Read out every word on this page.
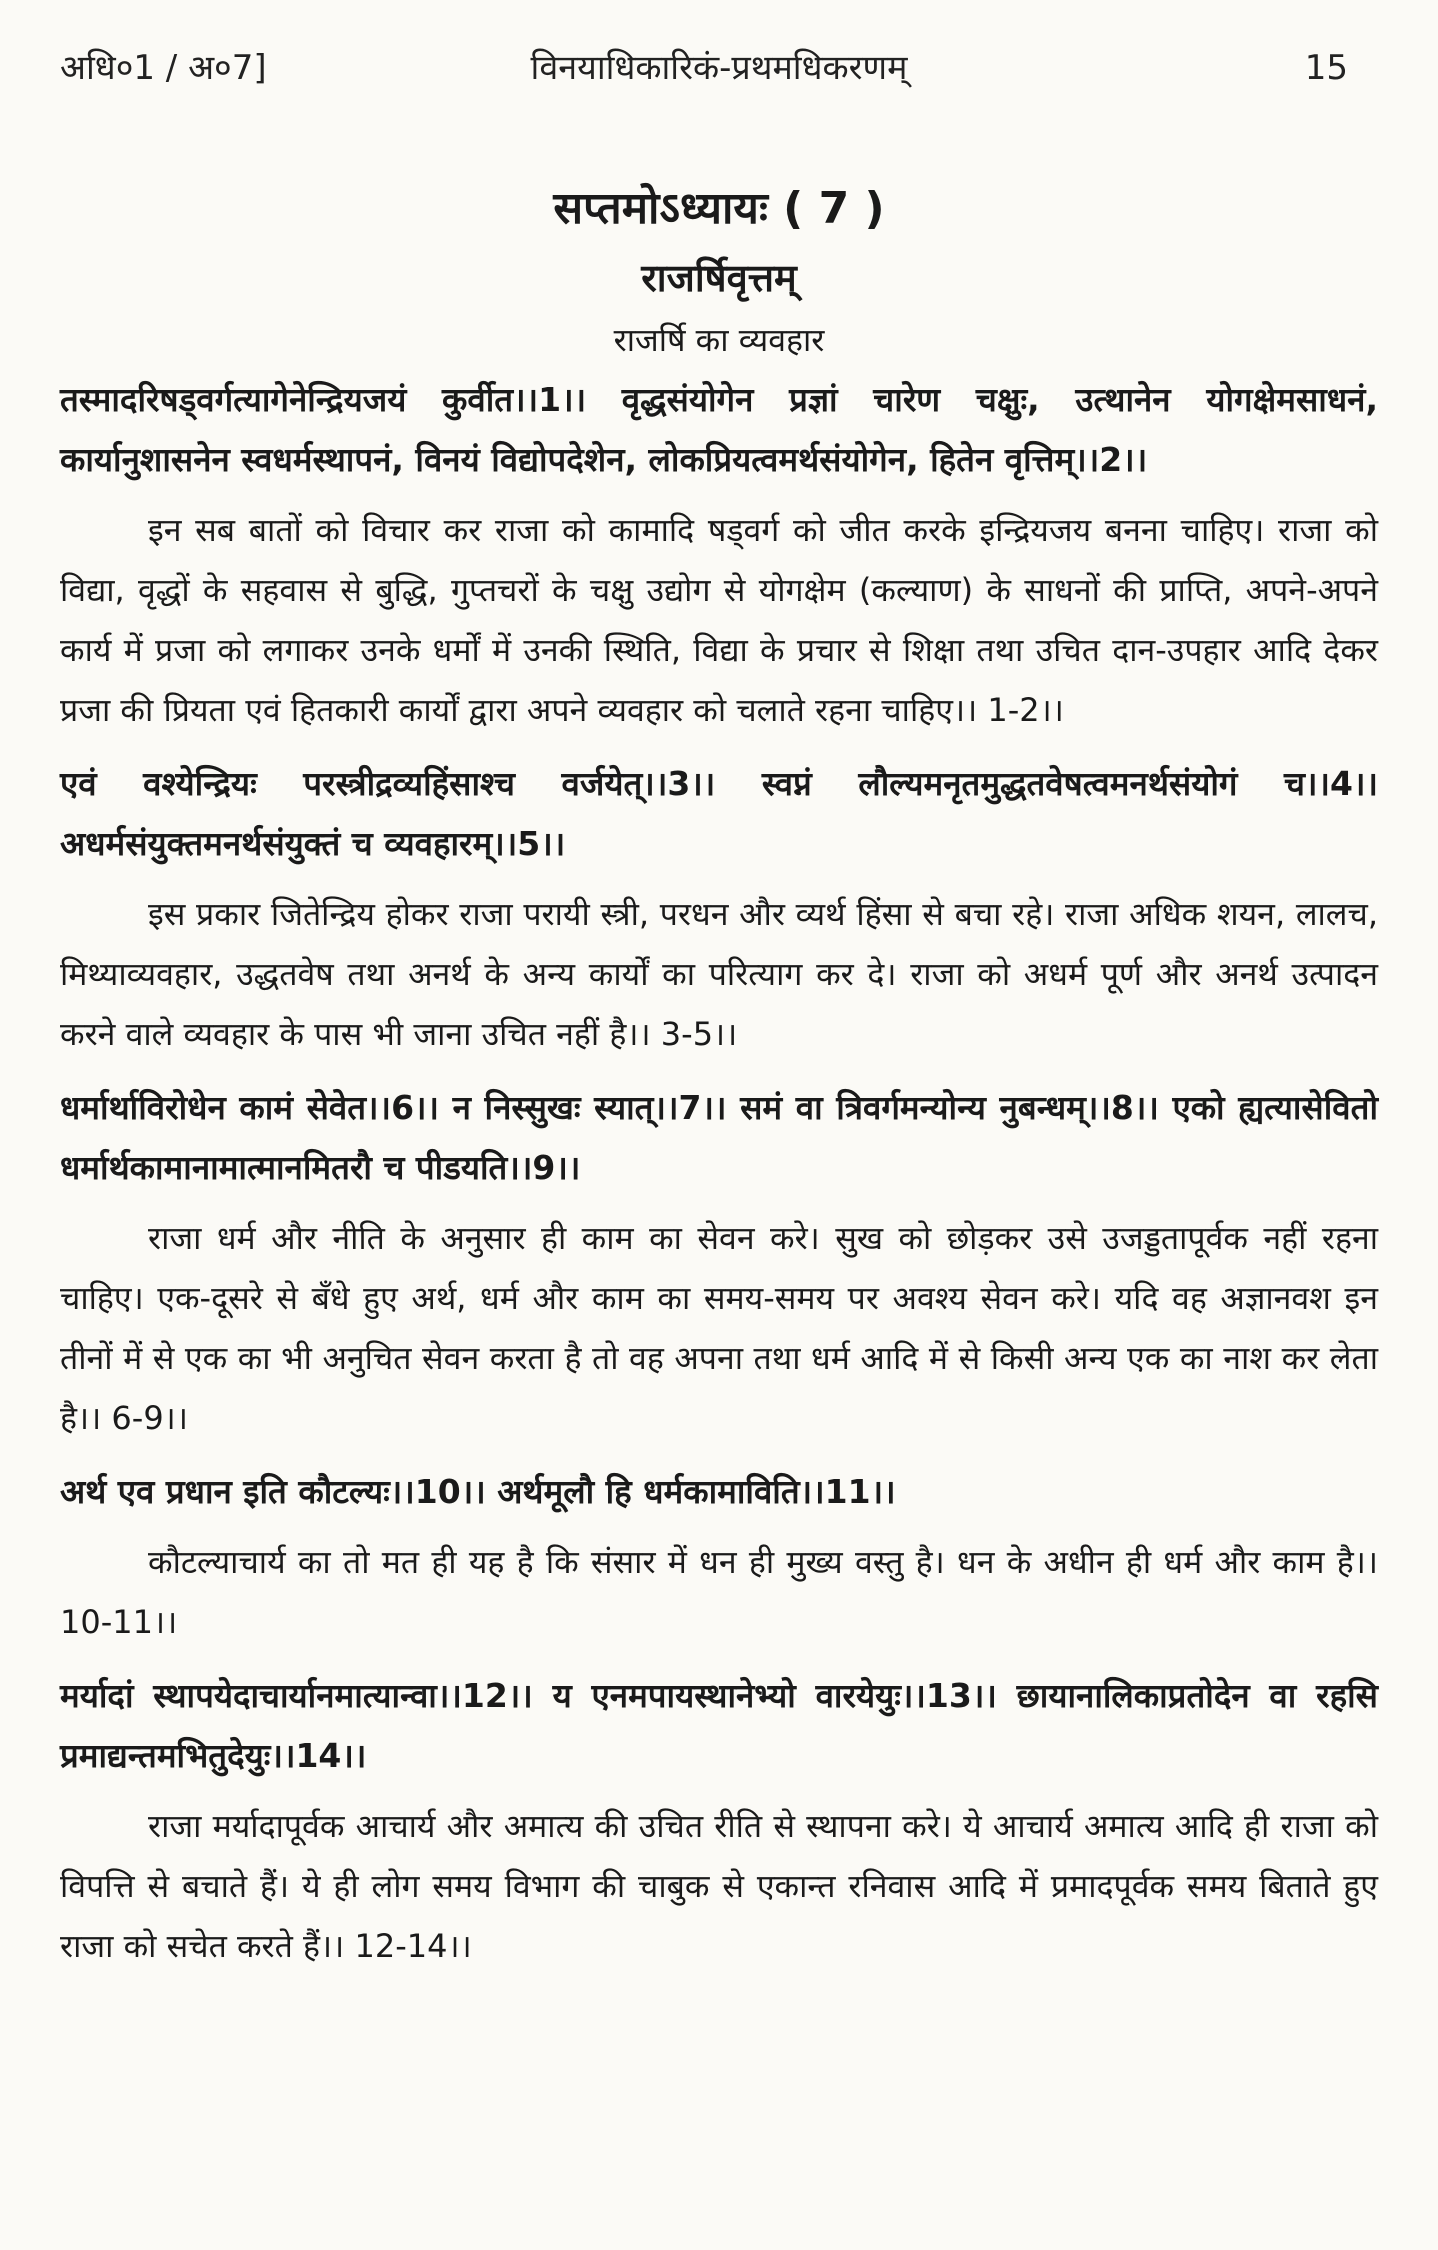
अधि०1 / अ०7]	विनयाधिकारिकं-प्रथमधिकरणम्	15
सप्तमोऽध्यायः ( 7 )
राजर्षिवृत्तम्
राजर्षि का व्यवहार

तस्मादरिषड्वर्गत्यागेनेन्द्रियजयं कुर्वीत।।1।। वृद्धसंयोगेन प्रज्ञां चारेण चक्षुः, उत्थानेन योगक्षेमसाधनं, कार्यानुशासनेन स्वधर्मस्थापनं, विनयं विद्योपदेशेन, लोकप्रियत्वमर्थसंयोगेन, हितेन वृत्तिम्।।2।।

इन सब बातों को विचार कर राजा को कामादि षड्वर्ग को जीत करके इन्द्रियजय बनना चाहिए। राजा को विद्या, वृद्धों के सहवास से बुद्धि, गुप्तचरों के चक्षु उद्योग से योगक्षेम (कल्याण) के साधनों की प्राप्ति, अपने-अपने कार्य में प्रजा को लगाकर उनके धर्मों में उनकी स्थिति, विद्या के प्रचार से शिक्षा तथा उचित दान-उपहार आदि देकर प्रजा की प्रियता एवं हितकारी कार्यों द्वारा अपने व्यवहार को चलाते रहना चाहिए।। 1-2।।

एवं वश्येन्द्रियः परस्त्रीद्रव्यहिंसाश्च वर्जयेत्।।3।। स्वप्नं लौल्यमनृतमुद्धतवेषत्वमनर्थसंयोगं च।।4।। अधर्मसंयुक्तमनर्थसंयुक्तं च व्यवहारम्।।5।।

इस प्रकार जितेन्द्रिय होकर राजा परायी स्त्री, परधन और व्यर्थ हिंसा से बचा रहे। राजा अधिक शयन, लालच, मिथ्याव्यवहार, उद्धतवेष तथा अनर्थ के अन्य कार्यों का परित्याग कर दे। राजा को अधर्म पूर्ण और अनर्थ उत्पादन करने वाले व्यवहार के पास भी जाना उचित नहीं है।। 3-5।।

धर्मार्थाविरोधेन कामं सेवेत।।6।। न निस्सुखः स्यात्।।7।। समं वा त्रिवर्गमन्योन्य नुबन्धम्।।8।। एको ह्यत्यासेवितो धर्मार्थकामानामात्मानमितरौ च पीडयति।।9।।

राजा धर्म और नीति के अनुसार ही काम का सेवन करे। सुख को छोड़कर उसे उजड्डतापूर्वक नहीं रहना चाहिए। एक-दूसरे से बँधे हुए अर्थ, धर्म और काम का समय-समय पर अवश्य सेवन करे। यदि वह अज्ञानवश इन तीनों में से एक का भी अनुचित सेवन करता है तो वह अपना तथा धर्म आदि में से किसी अन्य एक का नाश कर लेता है।। 6-9।।

अर्थ एव प्रधान इति कौटल्यः।।10।। अर्थमूलौ हि धर्मकामाविति।।11।।

कौटल्याचार्य का तो मत ही यह है कि संसार में धन ही मुख्य वस्तु है। धन के अधीन ही धर्म और काम है।। 10-11।।

मर्यादां स्थापयेदाचार्यानमात्यान्वा।।12।। य एनमपायस्थानेभ्यो वारयेयुः।।13।। छायानालिकाप्रतोदेन वा रहसि प्रमाद्यन्तमभितुदेयुः।।14।।

राजा मर्यादापूर्वक आचार्य और अमात्य की उचित रीति से स्थापना करे। ये आचार्य अमात्य आदि ही राजा को विपत्ति से बचाते हैं। ये ही लोग समय विभाग की चाबुक से एकान्त रनिवास आदि में प्रमादपूर्वक समय बिताते हुए राजा को सचेत करते हैं।। 12-14।।
